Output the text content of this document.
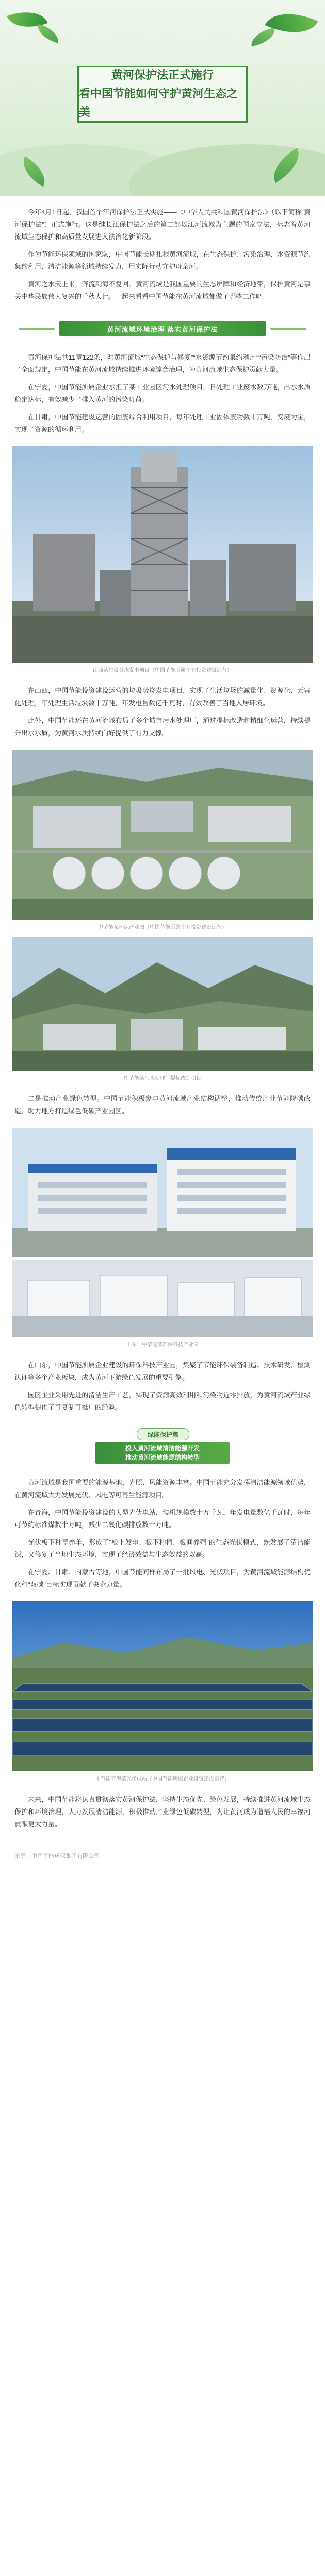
黄河保护法正式施行
看中国节能如何守护黄河生态之美

今年4月1日起，我国首个江河保护法正式实施——《中华人民共和国黄河保护法》（以下简称“黄河保护法”）正式施行。这是继长江保护法之后的第二部以江河流域为主题的国家立法，标志着黄河流域生态保护和高质量发展进入法治化新阶段。

作为节能环保领域的国家队，中国节能长期扎根黄河流域，在生态保护、污染治理、水资源节约集约利用、清洁能源等领域持续发力，用实际行动守护母亲河。

黄河之水天上来，奔流到海不复回。黄河流域是我国重要的生态屏障和经济地带，保护黄河是事关中华民族伟大复兴的千秋大计。一起来看看中国节能在黄河流域都做了哪些工作吧——

黄河流域环境治理 落实黄河保护法

黄河保护法共11章122条，对黄河流域“生态保护与修复”“水资源节约集约利用”“污染防治”等作出了全面规定，中国节能在黄河流域持续推进环境综合治理，为黄河流域生态保护贡献力量。

在宁夏，中国节能所属企业承担了某工业园区污水处理项目，日处理工业废水数万吨，出水水质稳定达标，有效减少了排入黄河的污染负荷。

在甘肃，中国节能建设运营的固废综合利用项目，每年处理工业固体废物数十万吨，变废为宝，实现了资源的循环利用。

山西某垃圾焚烧发电项目（中国节能所属企业投资建设运营）

在山西，中国节能投资建设运营的垃圾焚烧发电项目，实现了生活垃圾的减量化、资源化、无害化处理，年处理生活垃圾数十万吨，年发电量数亿千瓦时，有效改善了当地人居环境。

此外，中国节能还在黄河流域布局了多个城市污水处理厂，通过提标改造和精细化运营，持续提升出水水质，为黄河水质持续向好提供了有力支撑。

中节能某环保产业园（中国节能所属企业投资建设运营）

中节能某污水处理厂提标改造项目

二是推动产业绿色转型。中国节能积极参与黄河流域产业结构调整，推动传统产业节能降碳改造，助力地方打造绿色低碳产业园区。

山东：中节能某环保科技产业园

在山东，中国节能所属企业建设的环保科技产业园，集聚了节能环保装备制造、技术研发、检测认证等多个产业板块，成为黄河下游绿色发展的重要引擎。

园区企业采用先进的清洁生产工艺，实现了资源高效利用和污染物近零排放，为黄河流域产业绿色转型提供了可复制可推广的经验。

绿能保护篇
投入黄河流域清洁能源开发
推动黄河流域能源结构转型

黄河流域是我国重要的能源基地，光照、风能资源丰富。中国节能充分发挥清洁能源领域优势，在黄河流域大力发展光伏、风电等可再生能源项目。

在青海，中国节能投资建设的大型光伏电站，装机规模数十万千瓦，年发电量数亿千瓦时，每年可节约标准煤数十万吨，减少二氧化碳排放数十万吨。

光伏板下种草养羊，形成了“板上发电、板下种植、板间养殖”的生态光伏模式，既发展了清洁能源，又修复了当地生态环境，实现了经济效益与生态效益的双赢。

在宁夏、甘肃、内蒙古等地，中国节能同样布局了一批风电、光伏项目，为黄河流域能源结构优化和“双碳”目标实现贡献了央企力量。

中节能青海某光伏电站（中国节能所属企业投资建设运营）

未来，中国节能将认真贯彻落实黄河保护法，坚持生态优先、绿色发展，持续推进黄河流域生态保护和环境治理，大力发展清洁能源，积极推动产业绿色低碳转型，为让黄河成为造福人民的幸福河贡献更大力量。

来源：中国节能环保集团有限公司
